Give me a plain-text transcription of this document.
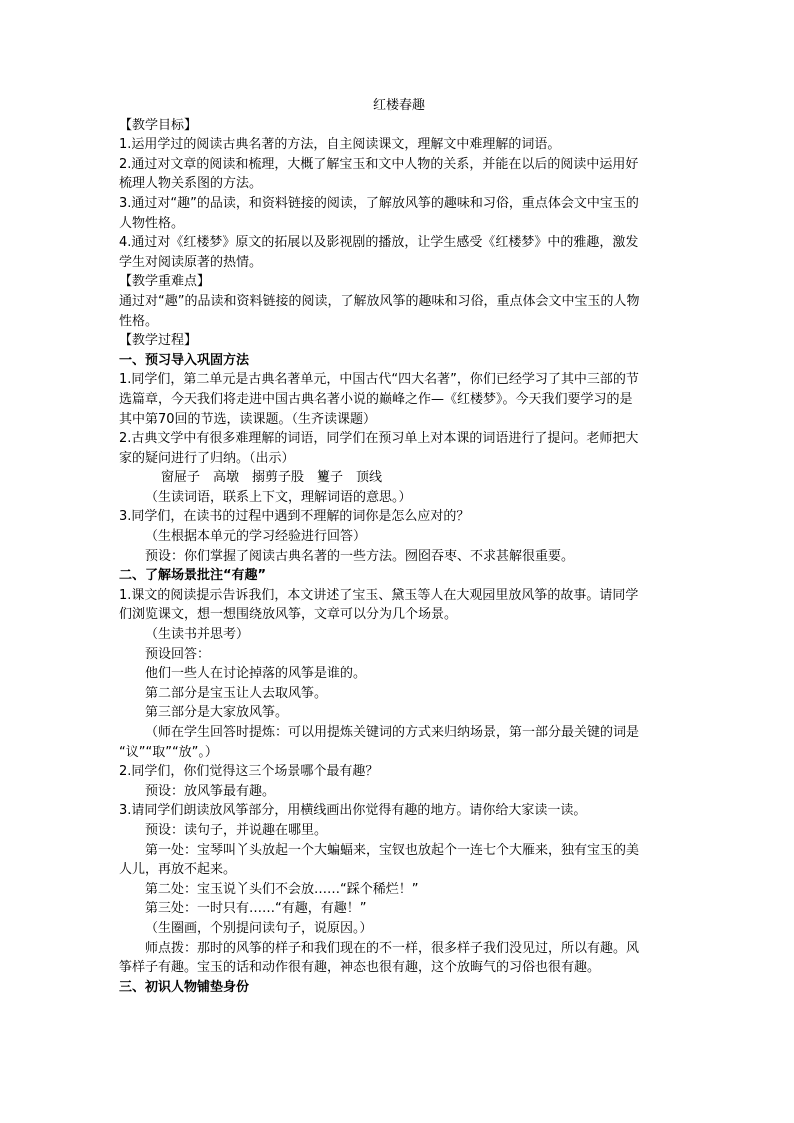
红楼春趣
【教学目标】
1.运用学过的阅读古典名著的方法，自主阅读课文，理解文中难理解的词语。
2.通过对文章的阅读和梳理，大概了解宝玉和文中人物的关系，并能在以后的阅读中运用好
梳理人物关系图的方法。
3.通过对“趣”的品读，和资料链接的阅读，了解放风筝的趣味和习俗，重点体会文中宝玉的
人物性格。
4.通过对《红楼梦》原文的拓展以及影视剧的播放，让学生感受《红楼梦》中的雅趣，激发
学生对阅读原著的热情。
【教学重难点】
通过对“趣”的品读和资料链接的阅读，了解放风筝的趣味和习俗，重点体会文中宝玉的人物
性格。
【教学过程】
一、预习导入巩固方法
1.同学们，第二单元是古典名著单元，中国古代“四大名著”，你们已经学习了其中三部的节
选篇章，今天我们将走进中国古典名著小说的巅峰之作—《红楼梦》。今天我们要学习的是
其中第70回的节选，读课题。（生齐读课题）
2.古典文学中有很多难理解的词语，同学们在预习单上对本课的词语进行了提问。老师把大
家的疑问进行了归纳。（出示）
窗屉子　高墩　搦剪子股　籰子　顶线
（生读词语，联系上下文，理解词语的意思。）
3.同学们，在读书的过程中遇到不理解的词你是怎么应对的？
（生根据本单元的学习经验进行回答）
预设：你们掌握了阅读古典名著的一些方法。囫囵吞枣、不求甚解很重要。
二、了解场景批注“有趣”
1.课文的阅读提示告诉我们，本文讲述了宝玉、黛玉等人在大观园里放风筝的故事。请同学
们浏览课文，想一想围绕放风筝，文章可以分为几个场景。
（生读书并思考）
预设回答：
他们一些人在讨论掉落的风筝是谁的。
第二部分是宝玉让人去取风筝。
第三部分是大家放风筝。
（师在学生回答时提炼：可以用提炼关键词的方式来归纳场景，第一部分最关键的词是
“议”“取”“放”。）
2.同学们，你们觉得这三个场景哪个最有趣？
预设：放风筝最有趣。
3.请同学们朗读放风筝部分，用横线画出你觉得有趣的地方。请你给大家读一读。
预设：读句子，并说趣在哪里。
第一处：宝琴叫丫头放起一个大蝙蝠来，宝钗也放起个一连七个大雁来，独有宝玉的美
人儿，再放不起来。
第二处：宝玉说丫头们不会放……“踩个稀烂！”
第三处：一时只有……“有趣，有趣！”
（生圈画，个别提问读句子，说原因。）
师点拨：那时的风筝的样子和我们现在的不一样，很多样子我们没见过，所以有趣。风
筝样子有趣。宝玉的话和动作很有趣，神态也很有趣，这个放晦气的习俗也很有趣。
三、初识人物铺垫身份
